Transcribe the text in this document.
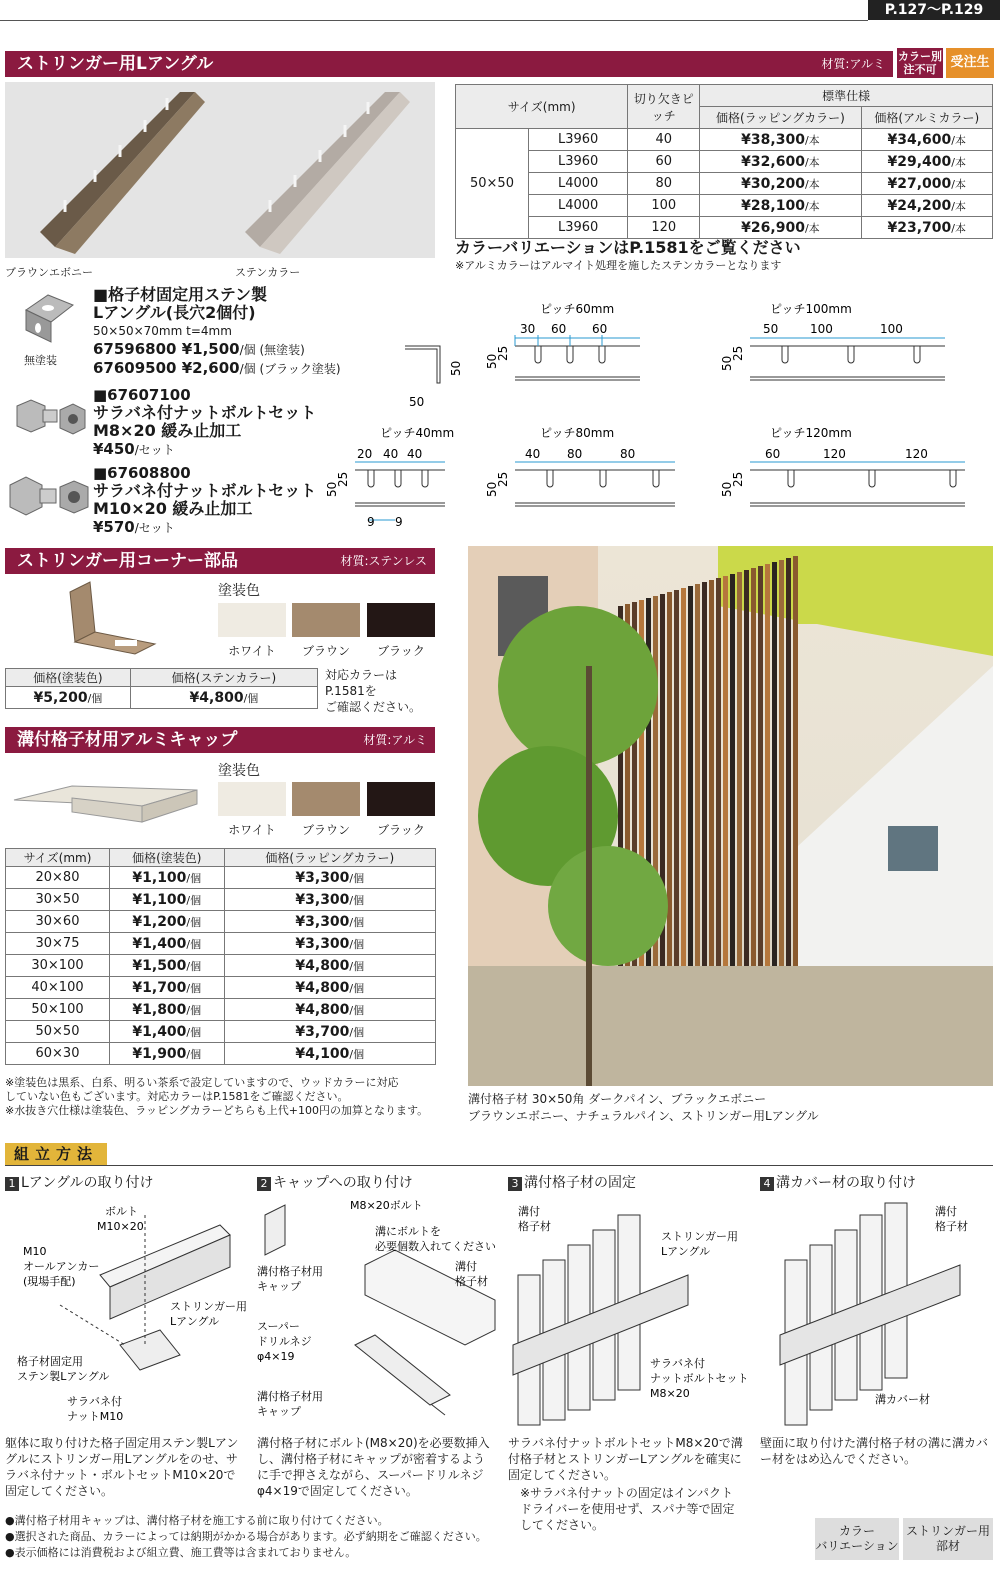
P.127〜P.129
ストリンガー用Lアングル	材質:アルミ
カラー別注不可	受注生
ブラウンエボニー	ステンカラー
サイズ(mm)		切り欠きピッチ	標準仕様	
			価格(ラッピングカラー)	価格(アルミカラー)
50×50	L3960	40	¥38,300/本	¥34,600/本
	L3960	60	¥32,600/本	¥29,400/本
	L4000	80	¥30,200/本	¥27,000/本
	L4000	100	¥28,100/本	¥24,200/本
	L3960	120	¥26,900/本	¥23,700/本
カラーバリエーションはP.1581をご覧ください
※アルミカラーはアルマイト処理を施したステンカラーとなります
無塗装
■格子材固定用ステン製
Lアングル(長穴2個付)
50×50×70mm t=4mm
67596800 ¥1,500/個 (無塗装)
67609500 ¥2,600/個 (ブラック塗装)
■67607100
サラバネ付ナットボルトセット
M8×20 緩み止加工
¥450/セット
■67608800
サラバネ付ナットボルトセット
M10×20 緩み止加工
¥570/セット
50
50
ピッチ60mm
30 60 60
50
25
ピッチ100mm
50	100	100
50
25
ピッチ40mm
20 40 40
9 9
ピッチ80mm
40 80	80
50
25
ピッチ120mm
60	120	120
50
25
50
25
ストリンガー用コーナー部品	材質:ステンレス
塗装色
ホワイト	ブラウン	ブラック
価格(塗装色)	価格(ステンカラー)
¥5,200/個	¥4,800/個
対応カラーは
P.1581を
ご確認ください。
溝付格子材用アルミキャップ	材質:アルミ
塗装色
ホワイト	ブラウン	ブラック
サイズ(mm)	価格(塗装色)	価格(ラッピングカラー)
20×80	¥1,100/個	¥3,300/個
30×50	¥1,100/個	¥3,300/個
30×60	¥1,200/個	¥3,300/個
30×75	¥1,400/個	¥3,300/個
30×100	¥1,500/個	¥4,800/個
40×100	¥1,700/個	¥4,800/個
50×100	¥1,800/個	¥4,800/個
50×50	¥1,400/個	¥3,700/個
60×30	¥1,900/個	¥4,100/個
※塗装色は黒系、白系、明るい茶系で設定していますので、ウッドカラーに対応
していない色もございます。対応カラーはP.1581をご確認ください。
※水抜き穴仕様は塗装色、ラッピングカラーどちらも上代+100円の加算となります。
溝付格子材 30×50角 ダークパイン、ブラックエボニー
ブラウンエボニー、ナチュラルパイン、ストリンガー用Lアングル
組立方法
1 Lアングルの取り付け	2 キャップへの取り付け	3 溝付格子材の固定	4 溝カバー材の取り付け
ボルト
M10×20
M10
オールアンカー
(現場手配)
ストリンガー用
Lアングル
格子材固定用
ステン製Lアングル
サラバネ付
ナットM10
M8×20ボルト
溝にボルトを
必要個数入れてください
溝付
格子材
溝付格子材用
キャップ
スーパー
ドリルネジ
φ4×19
溝付格子材用
キャップ
溝付
格子材
ストリンガー用
Lアングル
サラバネ付
ナットボルトセット
M8×20
溝付
格子材
溝カバー材
躯体に取り付けた格子固定用ステン製Lアングルにストリンガー用Lアングルをのせ、サラバネ付ナット・ボルトセットM10×20で固定してください。
溝付格子材にボルト(M8×20)を必要数挿入し、溝付格子材にキャップが密着するように手で押さえながら、スーパードリルネジφ4×19で固定してください。
サラバネ付ナットボルトセットM8×20で溝付格子材とストリンガーLアングルを確実に固定してください。
※サラバネ付ナットの固定はインパクトドライバーを使用せず、スパナ等で固定してください。
壁面に取り付けた溝付格子材の溝に溝カバー材をはめ込んでください。
●溝付格子材用キャップは、溝付格子材を施工する前に取り付けてください。
●選択された商品、カラーによっては納期がかかる場合があります。必ず納期をご確認ください。
●表示価格には消費税および組立費、施工費等は含まれておりません。
カラー
バリエーション
ストリンガー用
部材
